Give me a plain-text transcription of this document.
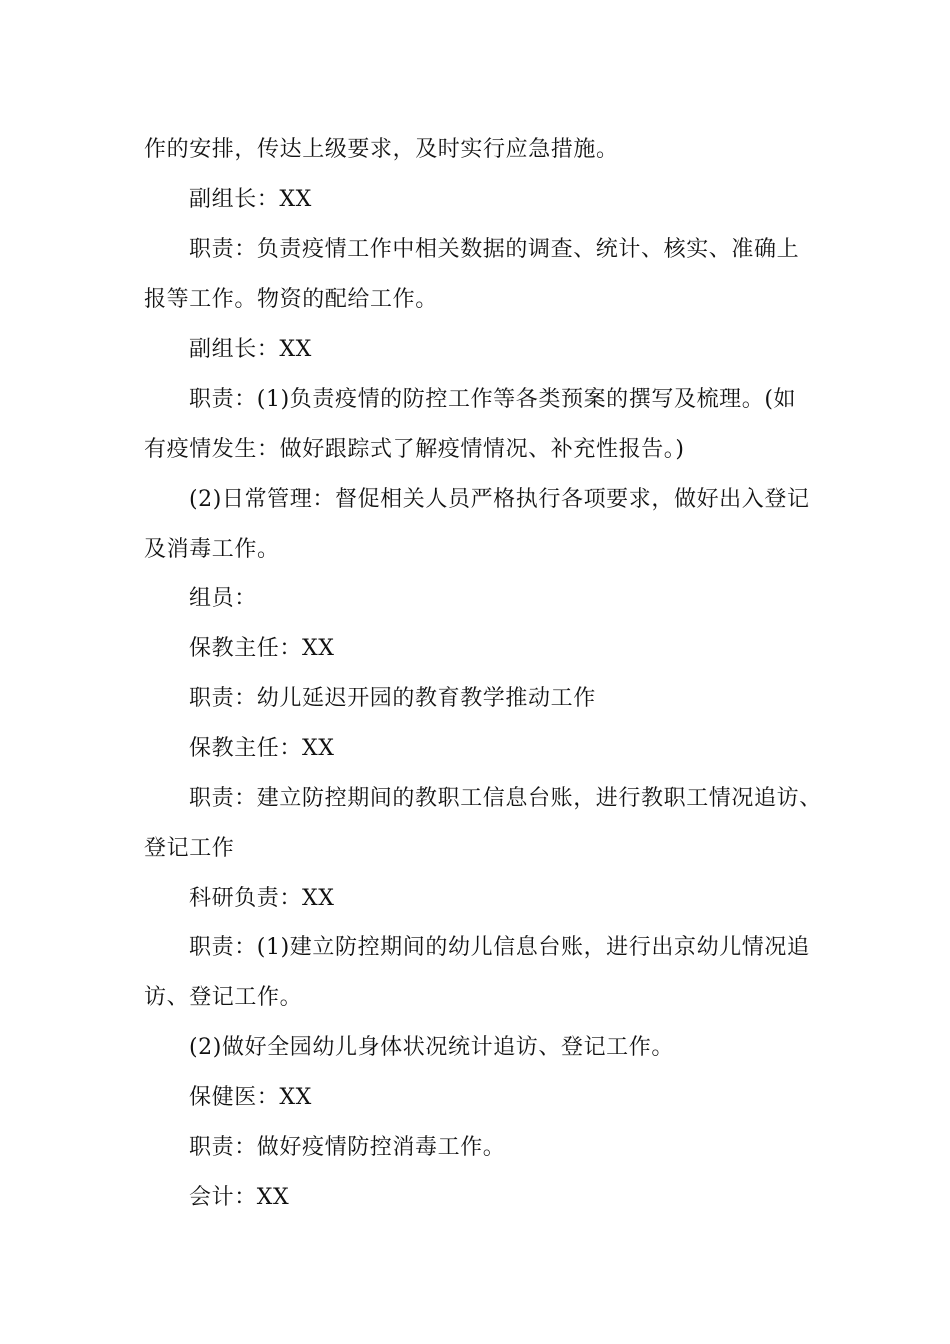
作的安排，传达上级要求，及时实行应急措施。
副组长：XX
职责：负责疫情工作中相关数据的调查、统计、核实、准确上
报等工作。物资的配给工作。
副组长：XX
职责：(1)负责疫情的防控工作等各类预案的撰写及梳理。(如
有疫情发生：做好跟踪式了解疫情情况、补充性报告。)
(2)日常管理：督促相关人员严格执行各项要求，做好出入登记
及消毒工作。
组员：
保教主任：XX
职责：幼儿延迟开园的教育教学推动工作
保教主任：XX
职责：建立防控期间的教职工信息台账，进行教职工情况追访、
登记工作
科研负责：XX
职责：(1)建立防控期间的幼儿信息台账，进行出京幼儿情况追
访、登记工作。
(2)做好全园幼儿身体状况统计追访、登记工作。
保健医：XX
职责：做好疫情防控消毒工作。
会计：XX
